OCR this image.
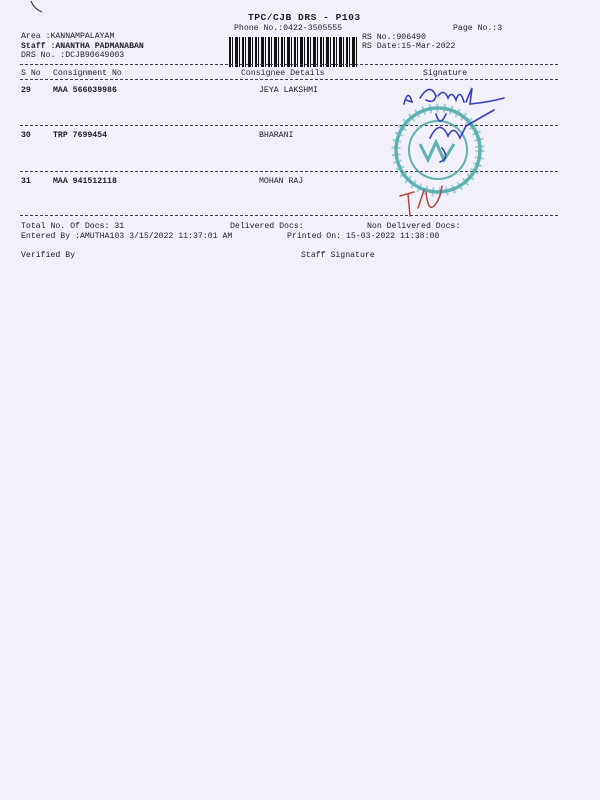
TPC/CJB DRS - P103
Phone No.:0422-3505555	Page No.:3
Area :KANNAMPALAYAM
Staff :ANANTHA PADMANABAN
DRS No. :DCJB90649003
RS No.:906490
RS Date:15-Mar-2022
S No Consignment No	Consignee Details	Signature
29	MAA 566039986	JEYA LAKSHMI
30	TRP 7699454	BHARANI
31	MAA 941512118	MOHAN RAJ
Total No. Of Docs: 31	Delivered Docs:	Non Delivered Docs:
Entered By :AMUTHA103 3/15/2022 11:37:01 AM	Printed On: 15-03-2022 11:38:00
Verified By	Staff Signature
